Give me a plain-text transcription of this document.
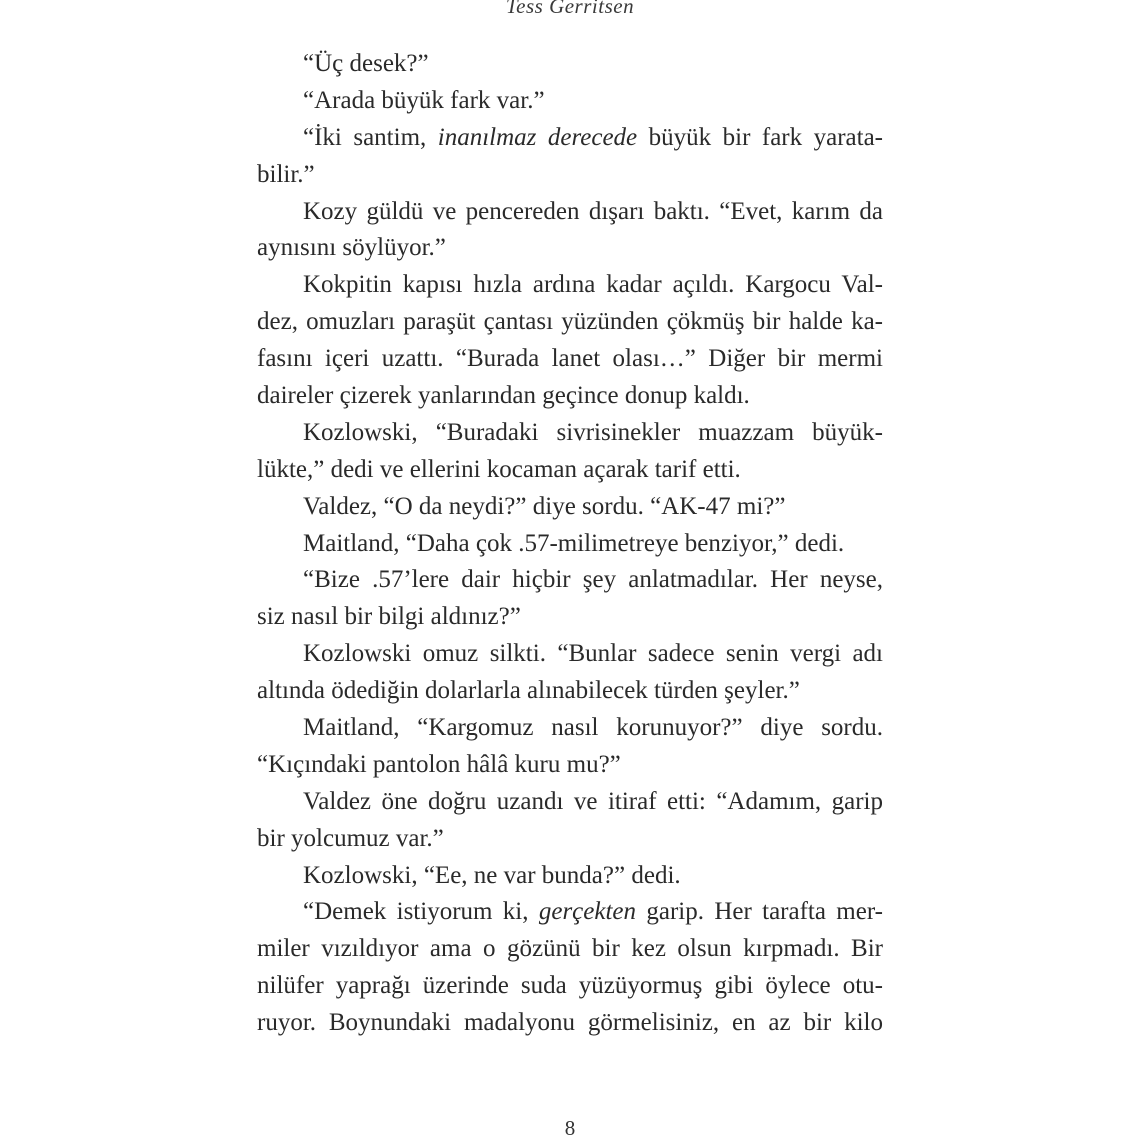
Tess Gerritsen
“Üç desek?”
“Arada büyük fark var.”
“İki santim, inanılmaz derecede büyük bir fark yarata-
bilir.”
Kozy güldü ve pencereden dışarı baktı. “Evet, karım da
aynısını söylüyor.”
Kokpitin kapısı hızla ardına kadar açıldı. Kargocu Val-
dez, omuzları paraşüt çantası yüzünden çökmüş bir halde ka-
fasını içeri uzattı. “Burada lanet olası…” Diğer bir mermi
daireler çizerek yanlarından geçince donup kaldı.
Kozlowski, “Buradaki sivrisinekler muazzam büyük-
lükte,” dedi ve ellerini kocaman açarak tarif etti.
Valdez, “O da neydi?” diye sordu. “AK-47 mi?”
Maitland, “Daha çok .57-milimetreye benziyor,” dedi.
“Bize .57’lere dair hiçbir şey anlatmadılar. Her neyse,
siz nasıl bir bilgi aldınız?”
Kozlowski omuz silkti. “Bunlar sadece senin vergi adı
altında ödediğin dolarlarla alınabilecek türden şeyler.”
Maitland, “Kargomuz nasıl korunuyor?” diye sordu.
“Kıçındaki pantolon hâlâ kuru mu?”
Valdez öne doğru uzandı ve itiraf etti: “Adamım, garip
bir yolcumuz var.”
Kozlowski, “Ee, ne var bunda?” dedi.
“Demek istiyorum ki, gerçekten garip. Her tarafta mer-
miler vızıldıyor ama o gözünü bir kez olsun kırpmadı. Bir
nilüfer yaprağı üzerinde suda yüzüyormuş gibi öylece otu-
ruyor. Boynundaki madalyonu görmelisiniz, en az bir kilo
8
